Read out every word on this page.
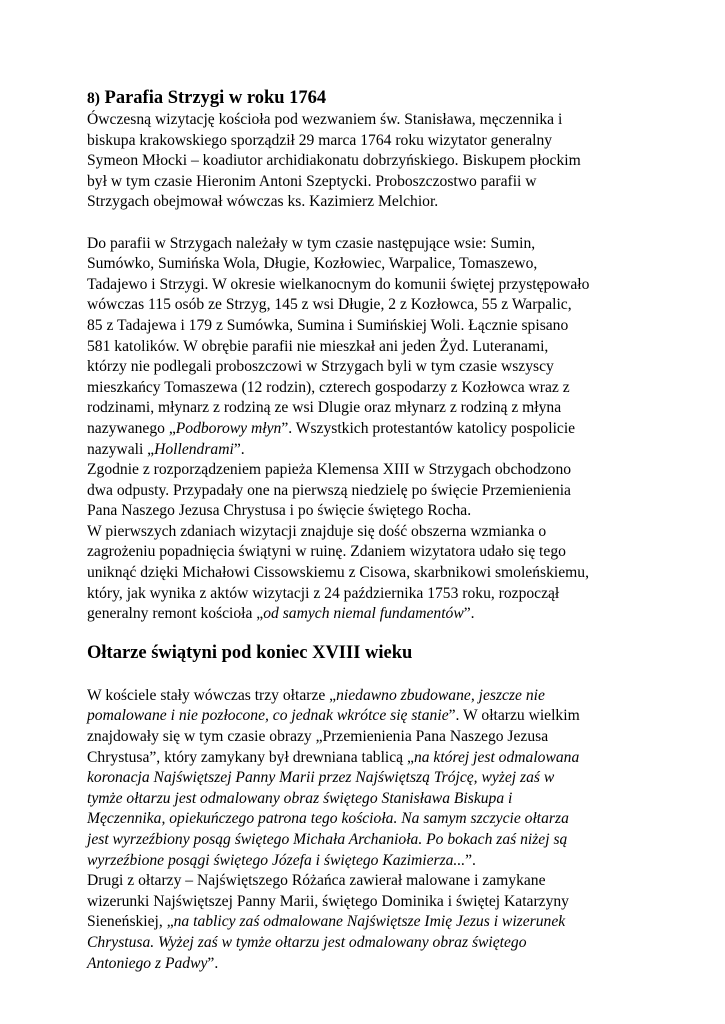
8) Parafia Strzygi w roku 1764

Ówczesną wizytację kościoła pod wezwaniem św. Stanisława, męczennika i

biskupa krakowskiego sporządził 29 marca 1764 roku wizytator generalny

Symeon Młocki – koadiutor archidiakonatu dobrzyńskiego. Biskupem płockim

był w tym czasie Hieronim Antoni Szeptycki. Proboszczostwo parafii w

Strzygach obejmował wówczas ks. Kazimierz Melchior.

Do parafii w Strzygach należały w tym czasie następujące wsie: Sumin,

Sumówko, Sumińska Wola, Długie, Kozłowiec, Warpalice, Tomaszewo,

Tadajewo i Strzygi. W okresie wielkanocnym do komunii świętej przystępowało

wówczas 115 osób ze Strzyg, 145 z wsi Długie, 2 z Kozłowca, 55 z Warpalic,

85 z Tadajewa i 179 z Sumówka, Sumina i Sumińskiej Woli. Łącznie spisano

581 katolików. W obrębie parafii nie mieszkał ani jeden Żyd. Luteranami,

którzy nie podlegali proboszczowi w Strzygach byli w tym czasie wszyscy

mieszkańcy Tomaszewa (12 rodzin), czterech gospodarzy z Kozłowca wraz z

rodzinami, młynarz z rodziną ze wsi Dlugie oraz młynarz z rodziną z młyna

nazywanego „Podborowy młyn”. Wszystkich protestantów katolicy pospolicie

nazywali „Hollendrami”.

Zgodnie z rozporządzeniem papieża Klemensa XIII w Strzygach obchodzono

dwa odpusty. Przypadały one na pierwszą niedzielę po święcie Przemienienia

Pana Naszego Jezusa Chrystusa i po święcie świętego Rocha.

W pierwszych zdaniach wizytacji znajduje się dość obszerna wzmianka o

zagrożeniu popadnięcia świątyni w ruinę. Zdaniem wizytatora udało się tego

uniknąć dzięki Michałowi Cissowskiemu z Cisowa, skarbnikowi smoleńskiemu,

który, jak wynika z aktów wizytacji z 24 października 1753 roku, rozpoczął

generalny remont kościoła „od samych niemal fundamentów”.

Ołtarze świątyni pod koniec XVIII wieku

W kościele stały wówczas trzy ołtarze „niedawno zbudowane, jeszcze nie

pomalowane i nie pozłocone, co jednak wkrótce się stanie”. W ołtarzu wielkim

znajdowały się w tym czasie obrazy „Przemienienia Pana Naszego Jezusa

Chrystusa”, który zamykany był drewniana tablicą „na której jest odmalowana

koronacja Najświętszej Panny Marii przez Najświętszą Trójcę, wyżej zaś w

tymże ołtarzu jest odmalowany obraz świętego Stanisława Biskupa i

Męczennika, opiekuńczego patrona tego kościoła. Na samym szczycie ołtarza

jest wyrzeźbiony posąg świętego Michała Archanioła. Po bokach zaś niżej są

wyrzeźbione posągi świętego Józefa i świętego Kazimierza...”.

Drugi z ołtarzy – Najświętszego Różańca zawierał malowane i zamykane

wizerunki Najświętszej Panny Marii, świętego Dominika i świętej Katarzyny

Sieneńskiej, „na tablicy zaś odmalowane Najświętsze Imię Jezus i wizerunek

Chrystusa. Wyżej zaś w tymże ołtarzu jest odmalowany obraz świętego

Antoniego z Padwy”.
